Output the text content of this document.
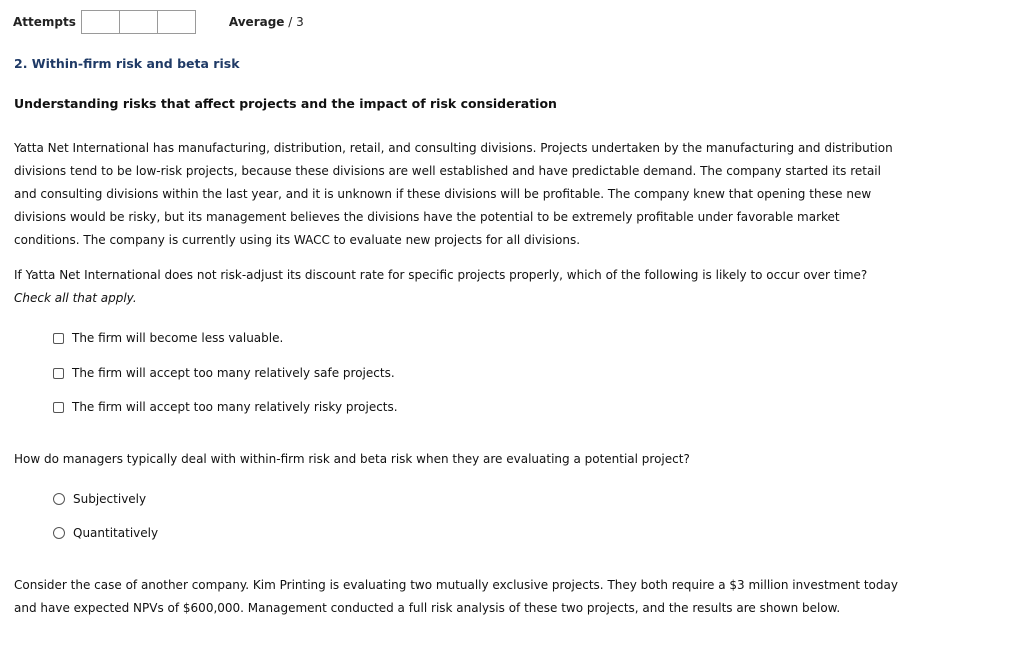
Attempts	Average / 3
2. Within-firm risk and beta risk
Understanding risks that affect projects and the impact of risk consideration
Yatta Net International has manufacturing, distribution, retail, and consulting divisions. Projects undertaken by the manufacturing and distribution divisions tend to be low-risk projects, because these divisions are well established and have predictable demand. The company started its retail and consulting divisions within the last year, and it is unknown if these divisions will be profitable. The company knew that opening these new divisions would be risky, but its management believes the divisions have the potential to be extremely profitable under favorable market conditions. The company is currently using its WACC to evaluate new projects for all divisions.
If Yatta Net International does not risk-adjust its discount rate for specific projects properly, which of the following is likely to occur over time? Check all that apply.
The firm will become less valuable.
The firm will accept too many relatively safe projects.
The firm will accept too many relatively risky projects.
How do managers typically deal with within-firm risk and beta risk when they are evaluating a potential project?
Subjectively
Quantitatively
Consider the case of another company. Kim Printing is evaluating two mutually exclusive projects. They both require a $3 million investment today and have expected NPVs of $600,000. Management conducted a full risk analysis of these two projects, and the results are shown below.
